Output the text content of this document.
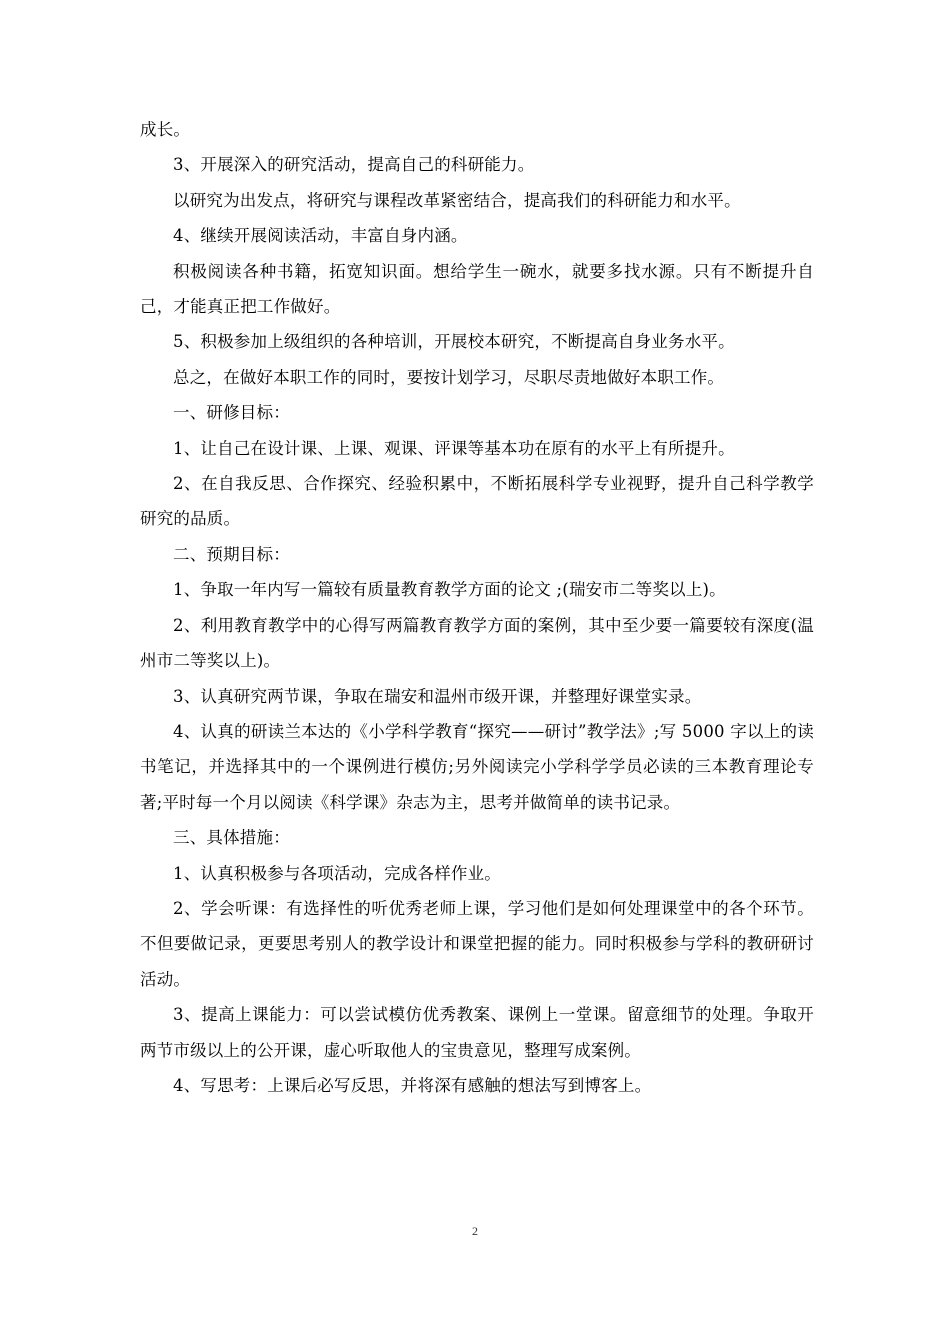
成长。

3、开展深入的研究活动，提高自己的科研能力。

以研究为出发点，将研究与课程改革紧密结合，提高我们的科研能力和水平。

4、继续开展阅读活动，丰富自身内涵。

积极阅读各种书籍，拓宽知识面。想给学生一碗水，就要多找水源。只有不断提升自己，才能真正把工作做好。

5、积极参加上级组织的各种培训，开展校本研究，不断提高自身业务水平。

总之，在做好本职工作的同时，要按计划学习，尽职尽责地做好本职工作。

一、研修目标：

1、让自己在设计课、上课、观课、评课等基本功在原有的水平上有所提升。

2、在自我反思、合作探究、经验积累中，不断拓展科学专业视野，提升自己科学教学研究的品质。

二、预期目标：

1、争取一年内写一篇较有质量教育教学方面的论文 ;(瑞安市二等奖以上)。

2、利用教育教学中的心得写两篇教育教学方面的案例，其中至少要一篇要较有深度(温州市二等奖以上)。

3、认真研究两节课，争取在瑞安和温州市级开课，并整理好课堂实录。

4、认真的研读兰本达的《小学科学教育“探究——研讨”教学法》;写 5000 字以上的读书笔记，并选择其中的一个课例进行模仿;另外阅读完小学科学学员必读的三本教育理论专著;平时每一个月以阅读《科学课》杂志为主，思考并做简单的读书记录。

三、具体措施：

1、认真积极参与各项活动，完成各样作业。

2、学会听课：有选择性的听优秀老师上课，学习他们是如何处理课堂中的各个环节。不但要做记录，更要思考别人的教学设计和课堂把握的能力。同时积极参与学科的教研研讨活动。

3、提高上课能力：可以尝试模仿优秀教案、课例上一堂课。留意细节的处理。争取开两节市级以上的公开课，虚心听取他人的宝贵意见，整理写成案例。

4、写思考：上课后必写反思，并将深有感触的想法写到博客上。

2
